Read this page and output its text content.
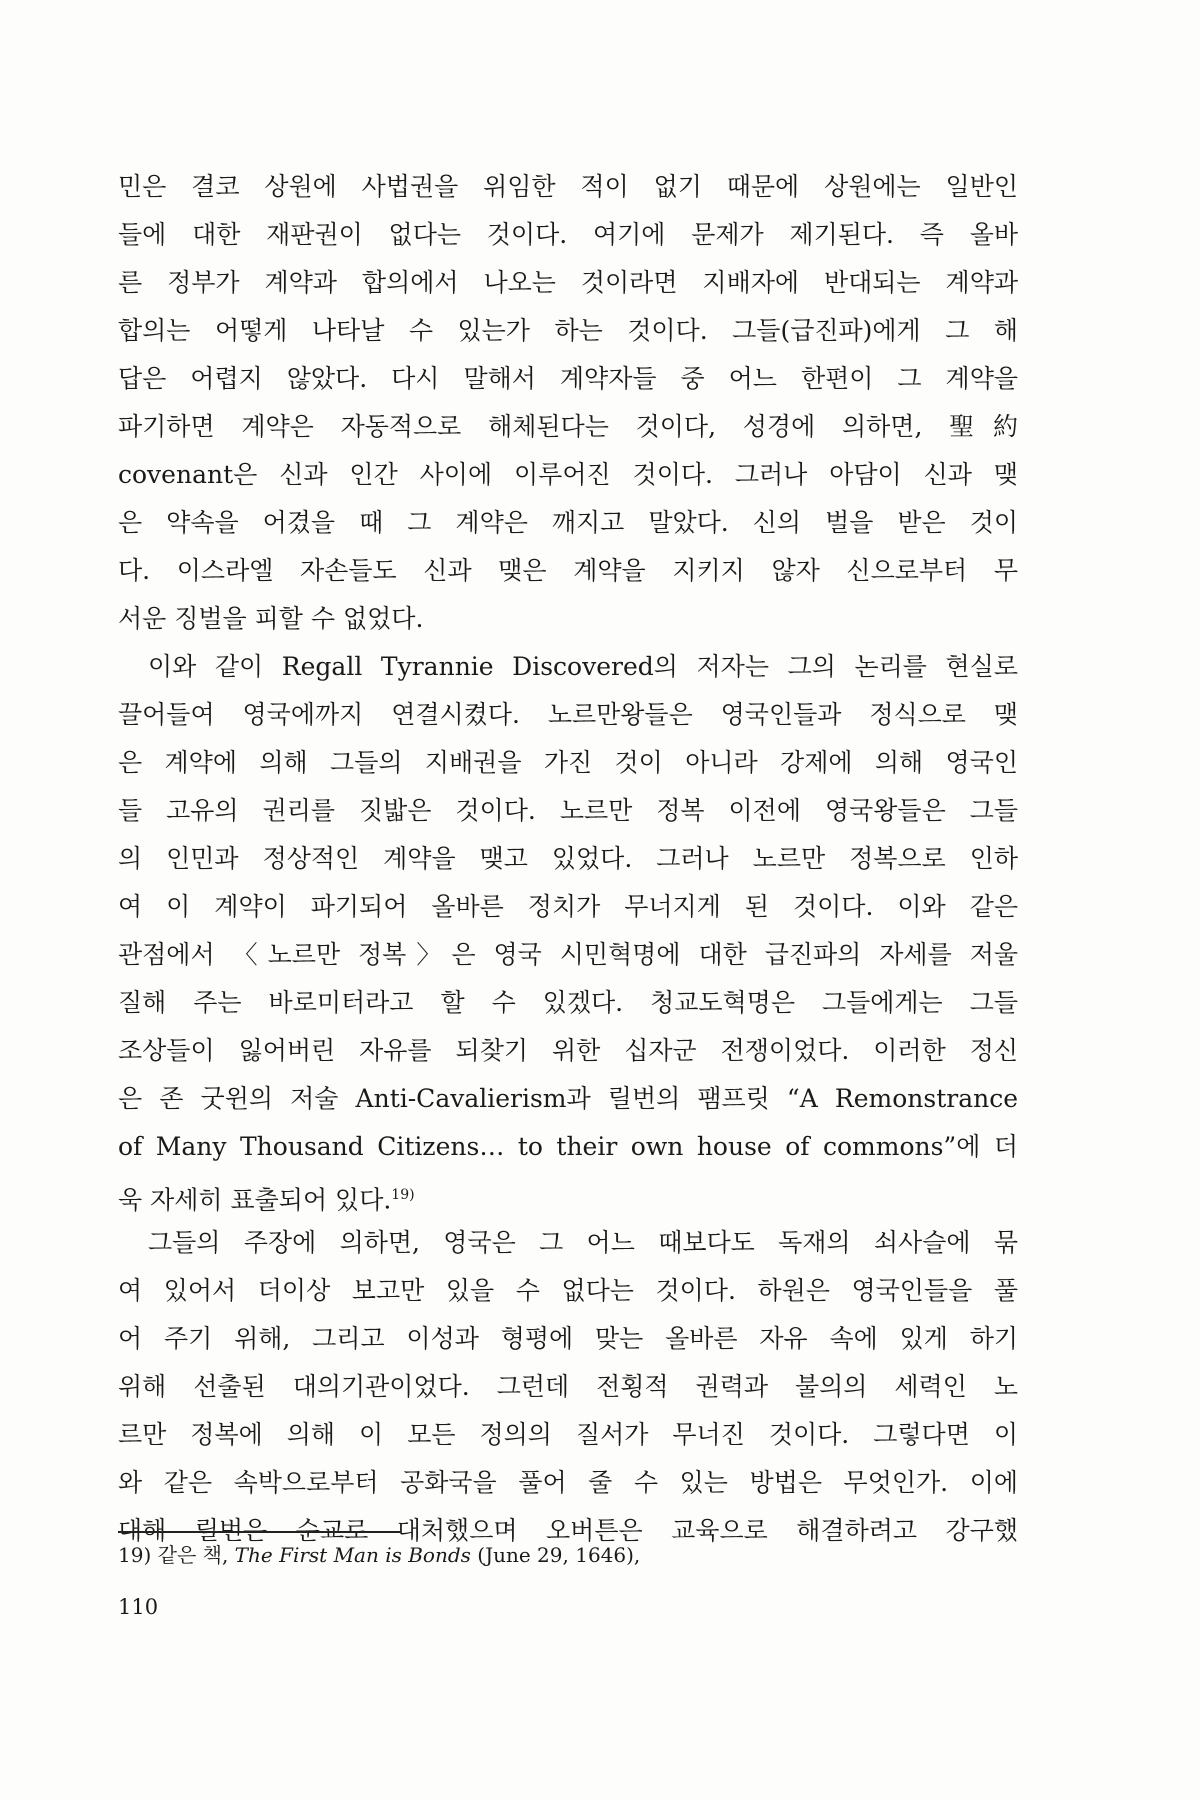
민은 결코 상원에 사법권을 위임한 적이 없기 때문에 상원에는 일반인
들에 대한 재판권이 없다는 것이다. 여기에 문제가 제기된다. 즉 올바
른 정부가 계약과 합의에서 나오는 것이라면 지배자에 반대되는 계약과
합의는 어떻게 나타날 수 있는가 하는 것이다. 그들(급진파)에게 그 해
답은 어렵지 않았다. 다시 말해서 계약자들 중 어느 한편이 그 계약을
파기하면 계약은 자동적으로 해체된다는 것이다, 성경에 의하면, 聖約
covenant은 신과 인간 사이에 이루어진 것이다. 그러나 아담이 신과 맺
은 약속을 어겼을 때 그 계약은 깨지고 말았다. 신의 벌을 받은 것이
다. 이스라엘 자손들도 신과 맺은 계약을 지키지 않자 신으로부터 무
서운 징벌을 피할 수 없었다.
이와 같이 Regall Tyrannie Discovered의 저자는 그의 논리를 현실로
끌어들여 영국에까지 연결시켰다. 노르만왕들은 영국인들과 정식으로 맺
은 계약에 의해 그들의 지배권을 가진 것이 아니라 강제에 의해 영국인
들 고유의 권리를 짓밟은 것이다. 노르만 정복 이전에 영국왕들은 그들
의 인민과 정상적인 계약을 맺고 있었다. 그러나 노르만 정복으로 인하
여 이 계약이 파기되어 올바른 정치가 무너지게 된 것이다. 이와 같은
관점에서 〈노르만 정복〉은 영국 시민혁명에 대한 급진파의 자세를 저울
질해 주는 바로미터라고 할 수 있겠다. 청교도혁명은 그들에게는 그들
조상들이 잃어버린 자유를 되찾기 위한 십자군 전쟁이었다. 이러한 정신
은 존 굿윈의 저술 Anti-Cavalierism과 릴번의 팸프릿 “A Remonstrance
of Many Thousand Citizens… to their own house of commons”에 더
욱 자세히 표출되어 있다.$^{19)}$
그들의 주장에 의하면, 영국은 그 어느 때보다도 독재의 쇠사슬에 묶
여 있어서 더이상 보고만 있을 수 없다는 것이다. 하원은 영국인들을 풀
어 주기 위해, 그리고 이성과 형평에 맞는 올바른 자유 속에 있게 하기
위해 선출된 대의기관이었다. 그런데 전횡적 권력과 불의의 세력인 노
르만 정복에 의해 이 모든 정의의 질서가 무너진 것이다. 그렇다면 이
와 같은 속박으로부터 공화국을 풀어 줄 수 있는 방법은 무엇인가. 이에
대해 릴번은 순교로 대처했으며 오버튼은 교육으로 해결하려고 강구했
19) 같은 책, The First Man is Bonds (June 29, 1646),
110
